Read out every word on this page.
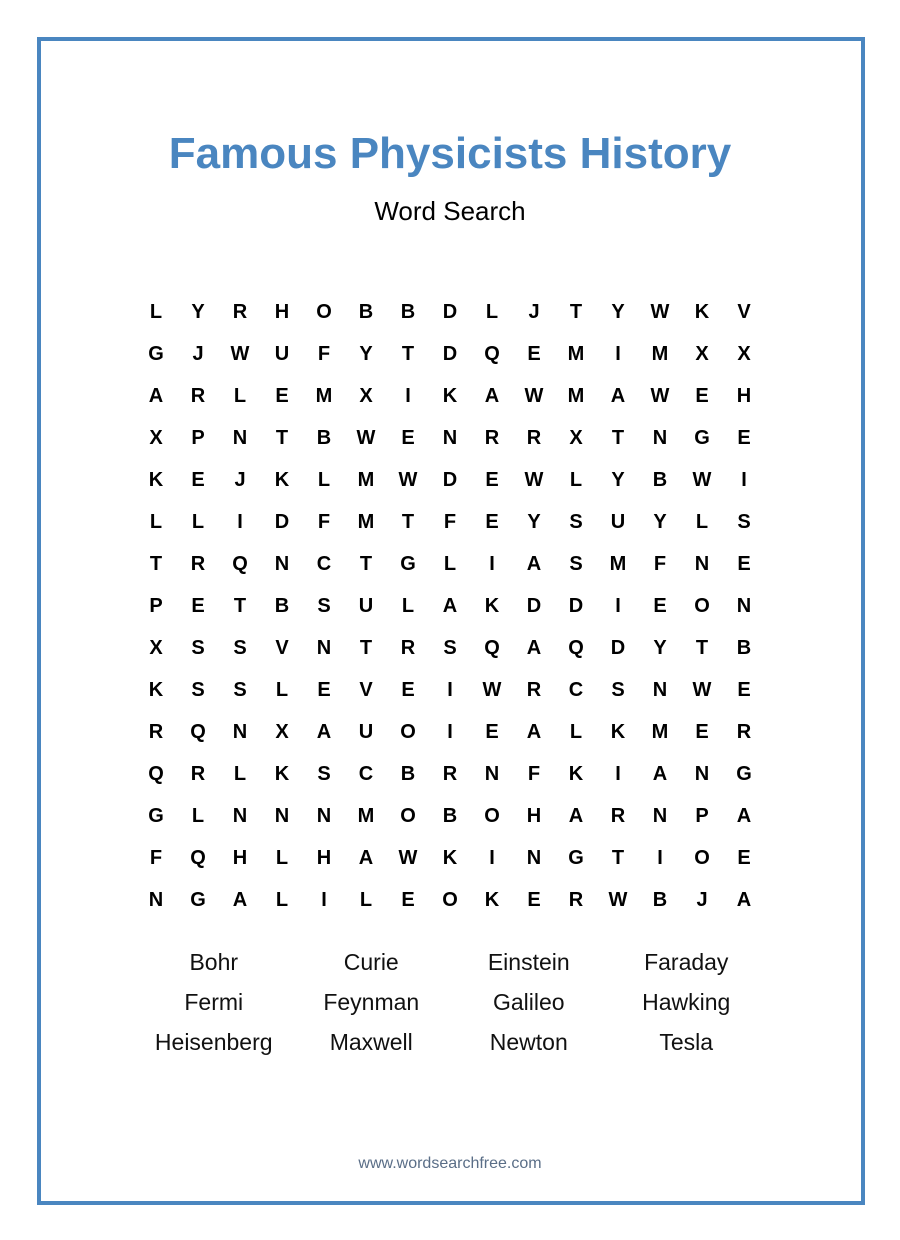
Famous Physicists History
Word Search
L	Y	R	H	O	B	B	D	L	J	T	Y	W	K	V
G	J	W	U	F	Y	T	D	Q	E	M	I	M	X	X
A	R	L	E	M	X	I	K	A	W	M	A	W	E	H
X	P	N	T	B	W	E	N	R	R	X	T	N	G	E
K	E	J	K	L	M	W	D	E	W	L	Y	B	W	I
L	L	I	D	F	M	T	F	E	Y	S	U	Y	L	S
T	R	Q	N	C	T	G	L	I	A	S	M	F	N	E
P	E	T	B	S	U	L	A	K	D	D	I	E	O	N
X	S	S	V	N	T	R	S	Q	A	Q	D	Y	T	B
K	S	S	L	E	V	E	I	W	R	C	S	N	W	E
R	Q	N	X	A	U	O	I	E	A	L	K	M	E	R
Q	R	L	K	S	C	B	R	N	F	K	I	A	N	G
G	L	N	N	N	M	O	B	O	H	A	R	N	P	A
F	Q	H	L	H	A	W	K	I	N	G	T	I	O	E
N	G	A	L	I	L	E	O	K	E	R	W	B	J	A
Bohr	Curie	Einstein	Faraday
Fermi	Feynman	Galileo	Hawking
Heisenberg	Maxwell	Newton	Tesla
www.wordsearchfree.com
